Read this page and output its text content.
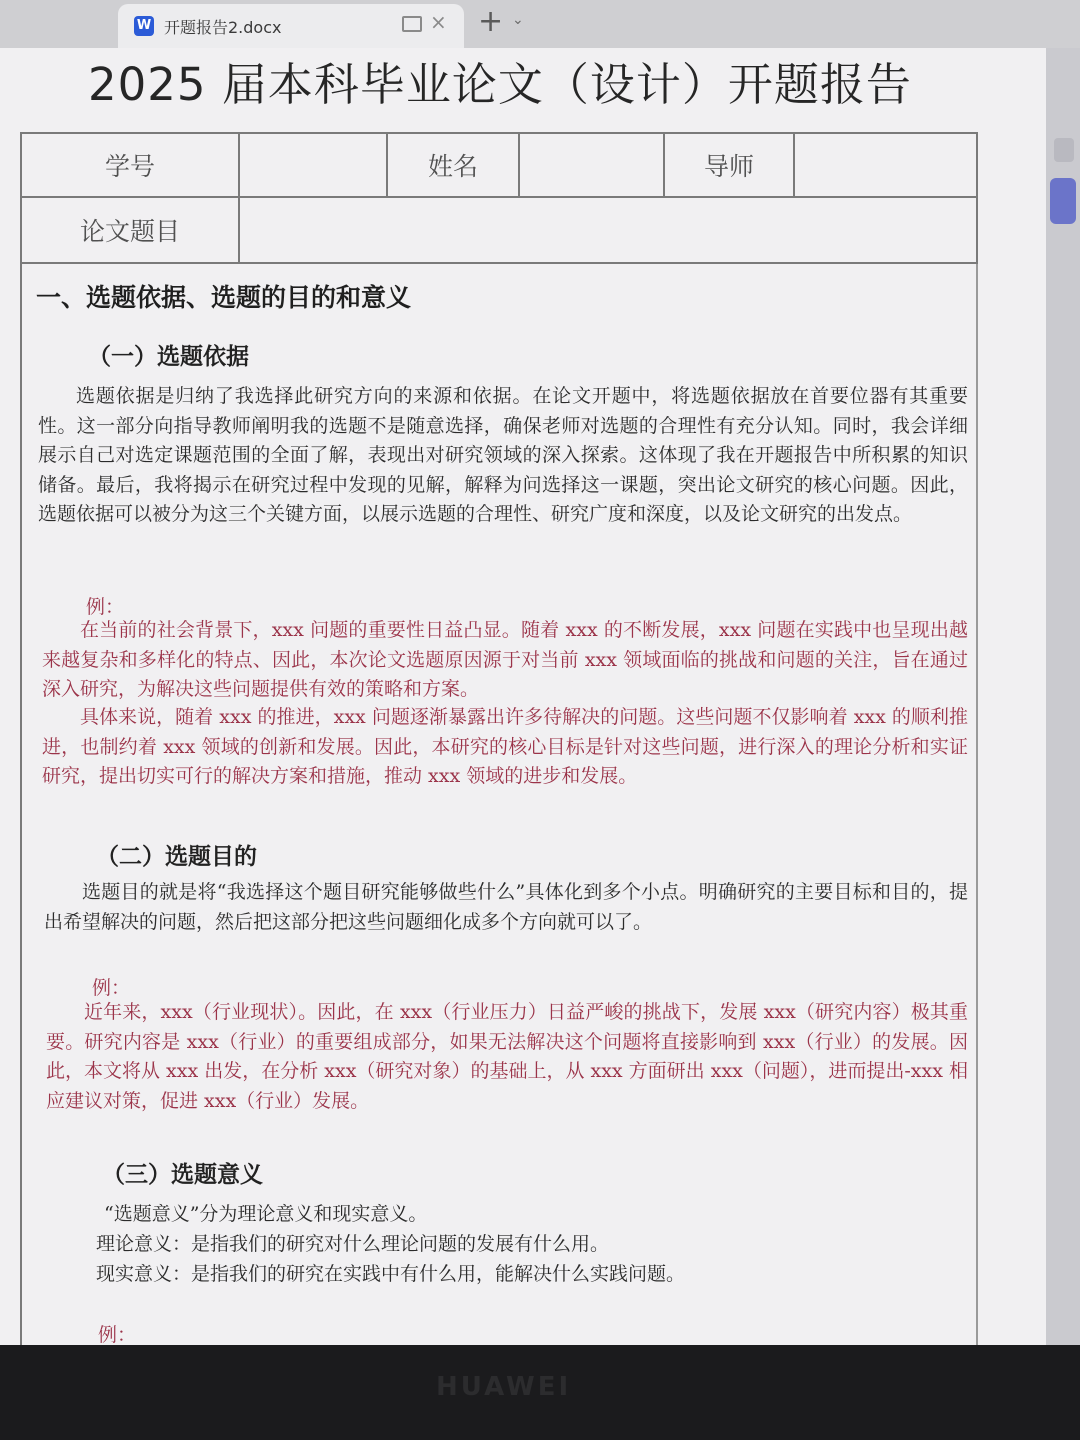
W 开题报告2.docx	× + ⌄
2025 届本科毕业论文（设计）开题报告
学号	姓名	导师
论文题目
一、选题依据、选题的目的和意义
（一）选题依据

选题依据是归纳了我选择此研究方向的来源和依据。在论文开题中，将选题依据放在首要位器有其重要性。这一部分向指导教师阐明我的选题不是随意选择，确保老师对选题的合理性有充分认知。同时，我会详细展示自己对选定课题范围的全面了解，表现出对研究领域的深入探索。这体现了我在开题报告中所积累的知识储备。最后，我将揭示在研究过程中发现的见解，解释为问选择这一课题，突出论文研究的核心问题。因此，选题依据可以被分为这三个关键方面，以展示选题的合理性、研究广度和深度，以及论文研究的出发点。

例：

在当前的社会背景下，xxx 问题的重要性日益凸显。随着 xxx 的不断发展，xxx 问题在实践中也呈现出越来越复杂和多样化的特点、因此，本次论文选题原因源于对当前 xxx 领域面临的挑战和问题的关注，旨在通过深入研究，为解决这些问题提供有效的策略和方案。

具体来说，随着 xxx 的推进，xxx 问题逐渐暴露出许多待解决的问题。这些问题不仅影响着 xxx 的顺利推进，也制约着 xxx 领域的创新和发展。因此，本研究的核心目标是针对这些问题，进行深入的理论分析和实证研究，提出切实可行的解决方案和措施，推动 xxx 领域的进步和发展。

（二）选题目的

选题目的就是将“我选择这个题目研究能够做些什么”具体化到多个小点。明确研究的主要目标和目的，提出希望解决的问题，然后把这部分把这些问题细化成多个方向就可以了。

例：

近年来，xxx（行业现状）。因此，在 xxx（行业压力）日益严峻的挑战下，发展 xxx（研究内容）极其重要。研究内容是 xxx（行业）的重要组成部分，如果无法解决这个问题将直接影响到 xxx（行业）的发展。因此，本文将从 xxx 出发，在分析 xxx（研究对象）的基础上，从 xxx 方面研出 xxx（问题），进而提出-xxx 相应建议对策，促进 xxx（行业）发展。

（三）选题意义

“选题意义”分为理论意义和现实意义。

理论意义：是指我们的研究对什么理论问题的发展有什么用。

现实意义：是指我们的研究在实践中有什么用，能解决什么实践问题。

例：
HUAWEI
